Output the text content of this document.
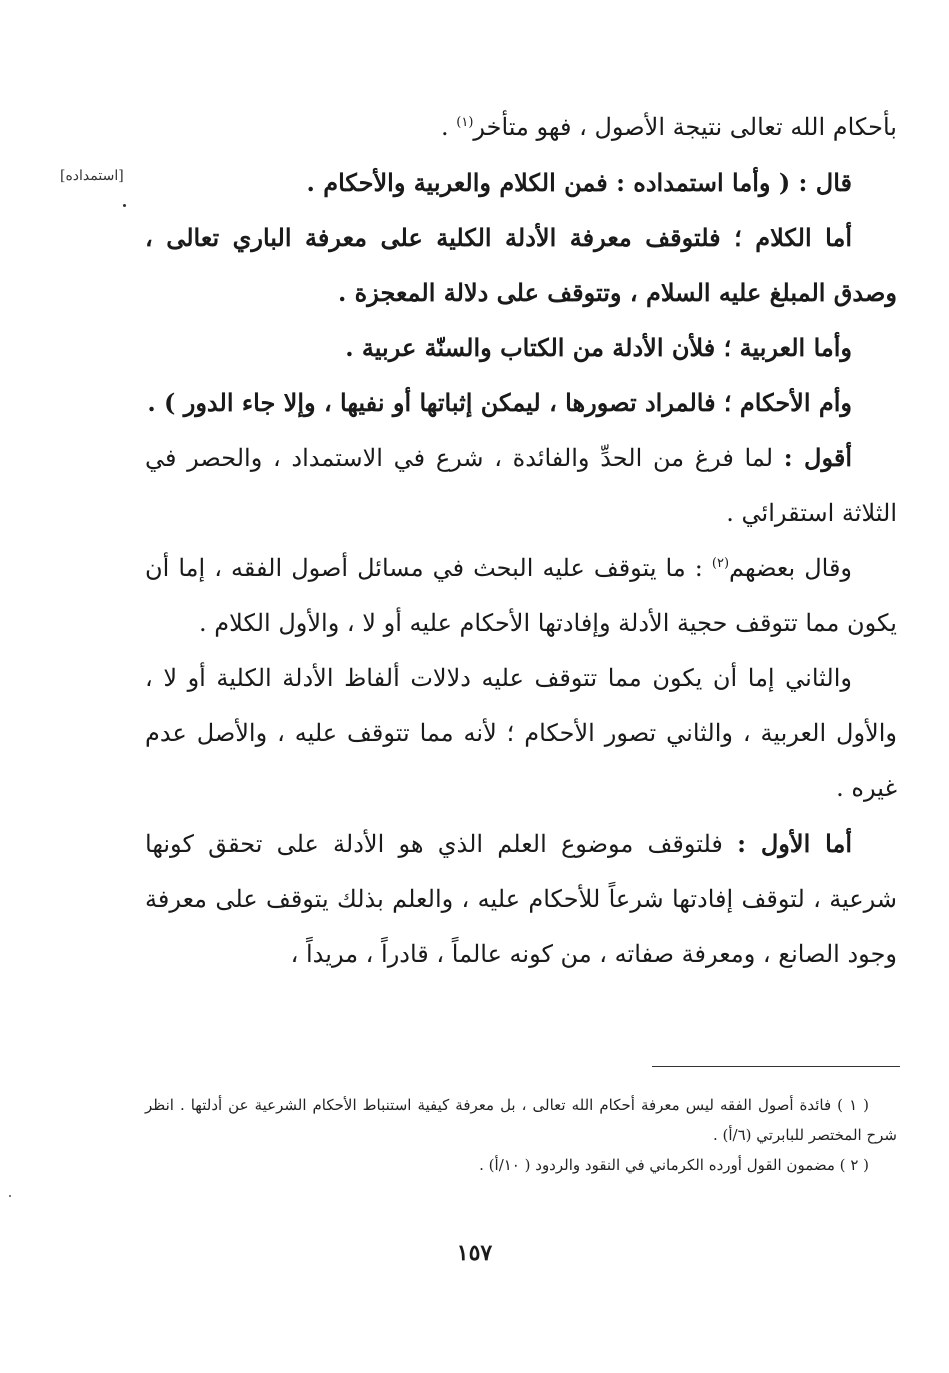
بأحكام الله تعالى نتيجة الأصول ، فهو متأخر$^{(١)}$ .

قال : ( وأما استمداده : فمن الكلام والعربية والأحكام .

أما الكلام ؛ فلتوقف معرفة الأدلة الكلية على معرفة الباري تعالى ، وصدق المبلغ عليه السلام ، وتتوقف على دلالة المعجزة .

وأما العربية ؛ فلأن الأدلة من الكتاب والسنّة عربية .

وأم الأحكام ؛ فالمراد تصورها ، ليمكن إثباتها أو نفيها ، وإلا جاء الدور ) .

أقول : لما فرغ من الحدِّ والفائدة ، شرع في الاستمداد ، والحصر في الثلاثة استقرائي .

وقال بعضهم$^{(٢)}$ : ما يتوقف عليه البحث في مسائل أصول الفقه ، إما أن يكون مما تتوقف حجية الأدلة وإفادتها الأحكام عليه أو لا ، والأول الكلام .

والثاني إما أن يكون مما تتوقف عليه دلالات ألفاظ الأدلة الكلية أو لا ، والأول العربية ، والثاني تصور الأحكام ؛ لأنه مما تتوقف عليه ، والأصل عدم غيره .

أما الأول : فلتوقف موضوع العلم الذي هو الأدلة على تحقق كونها شرعية ، لتوقف إفادتها شرعاً للأحكام عليه ، والعلم بذلك يتوقف على معرفة وجود الصانع ، ومعرفة صفاته ، من كونه عالماً ، قادراً ، مريداً ،

[استمداده]

( ١ ) فائدة أصول الفقه ليس معرفة أحكام الله تعالى ، بل معرفة كيفية استنباط الأحكام الشرعية عن أدلتها . انظر شرح المختصر للبابرتي (٦/أ) .

( ٢ ) مضمون القول أورده الكرماني في النقود والردود ( ١٠/أ) .

١٥٧
